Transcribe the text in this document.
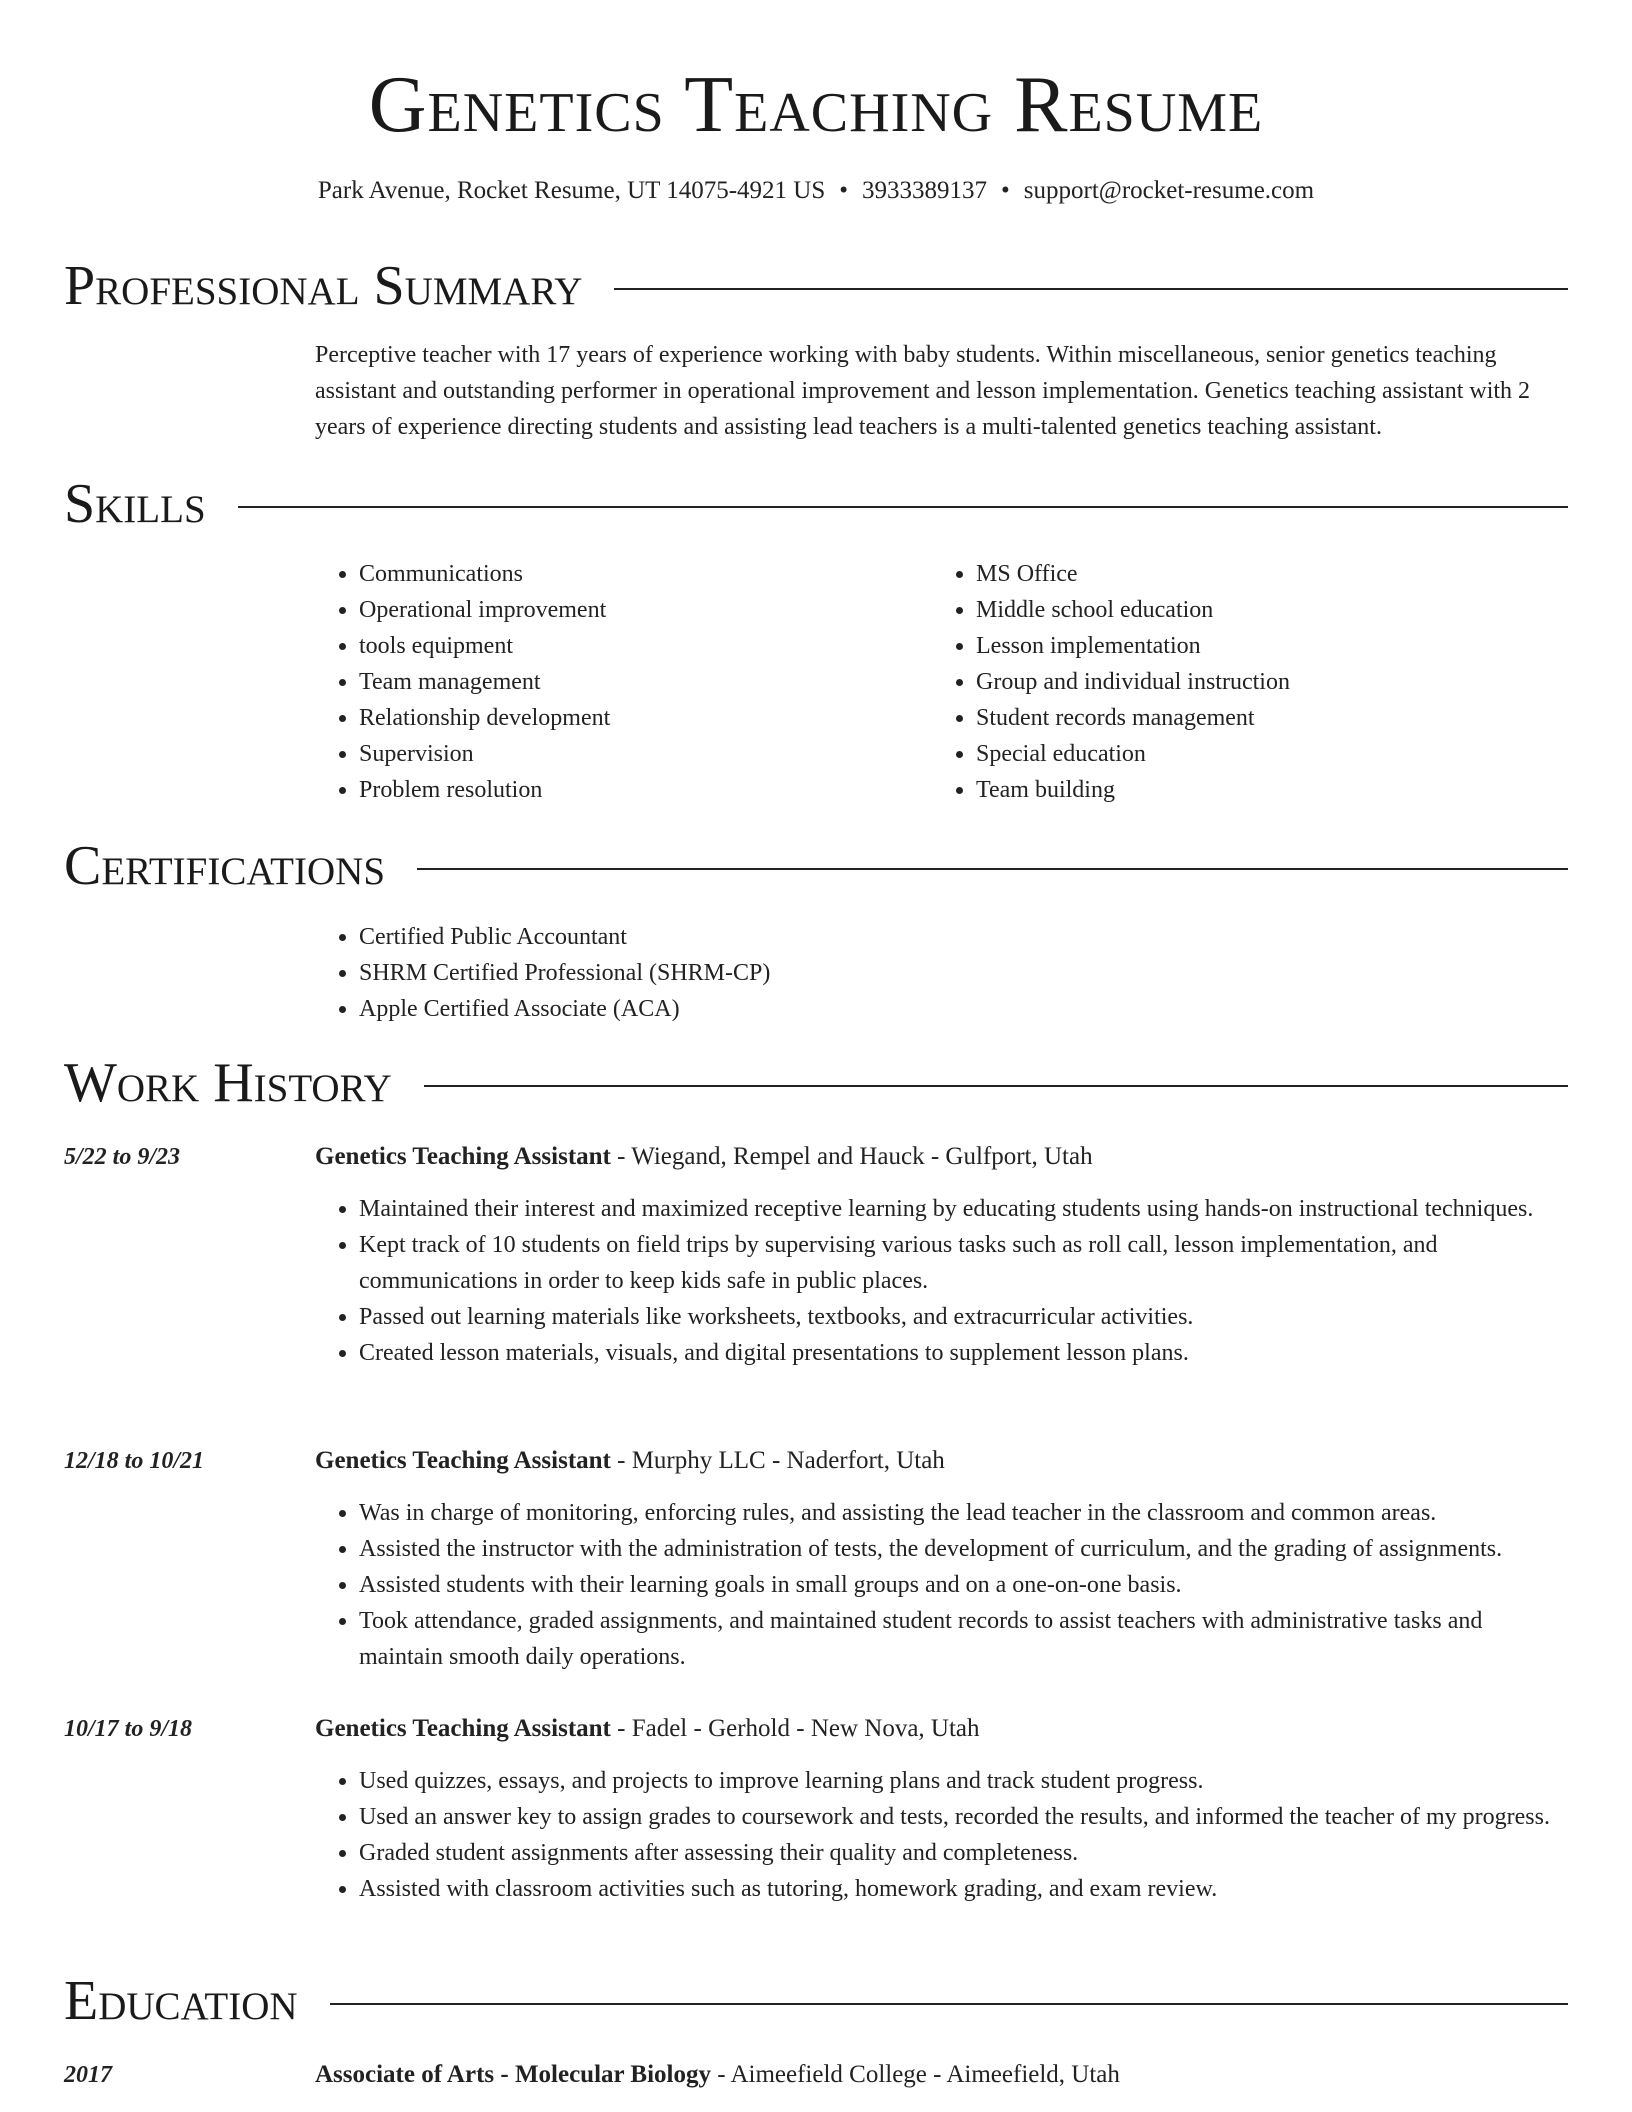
Genetics Teaching Resume
Park Avenue, Rocket Resume, UT 14075-4921 US • 3933389137 • support@rocket-resume.com
Professional Summary

Perceptive teacher with 17 years of experience working with baby students. Within miscellaneous, senior genetics teaching assistant and outstanding performer in operational improvement and lesson implementation. Genetics teaching assistant with 2 years of experience directing students and assisting lead teachers is a multi-talented genetics teaching assistant.

Skills
• Communications
• Operational improvement
• tools equipment
• Team management
• Relationship development
• Supervision
• Problem resolution
• MS Office
• Middle school education
• Lesson implementation
• Group and individual instruction
• Student records management
• Special education
• Team building
Certifications
• Certified Public Accountant
• SHRM Certified Professional (SHRM-CP)
• Apple Certified Associate (ACA)
Work History
5/22 to 9/23	Genetics Teaching Assistant - Wiegand, Rempel and Hauck - Gulfport, Utah
• Maintained their interest and maximized receptive learning by educating students using hands-on instructional techniques.
• Kept track of 10 students on field trips by supervising various tasks such as roll call, lesson implementation, and communications in order to keep kids safe in public places.
• Passed out learning materials like worksheets, textbooks, and extracurricular activities.
• Created lesson materials, visuals, and digital presentations to supplement lesson plans.
12/18 to 10/21	Genetics Teaching Assistant - Murphy LLC - Naderfort, Utah
• Was in charge of monitoring, enforcing rules, and assisting the lead teacher in the classroom and common areas.
• Assisted the instructor with the administration of tests, the development of curriculum, and the grading of assignments.
• Assisted students with their learning goals in small groups and on a one-on-one basis.
• Took attendance, graded assignments, and maintained student records to assist teachers with administrative tasks and maintain smooth daily operations.
10/17 to 9/18	Genetics Teaching Assistant - Fadel - Gerhold - New Nova, Utah
• Used quizzes, essays, and projects to improve learning plans and track student progress.
• Used an answer key to assign grades to coursework and tests, recorded the results, and informed the teacher of my progress.
• Graded student assignments after assessing their quality and completeness.
• Assisted with classroom activities such as tutoring, homework grading, and exam review.
Education
2017	Associate of Arts - Molecular Biology - Aimeefield College - Aimeefield, Utah
